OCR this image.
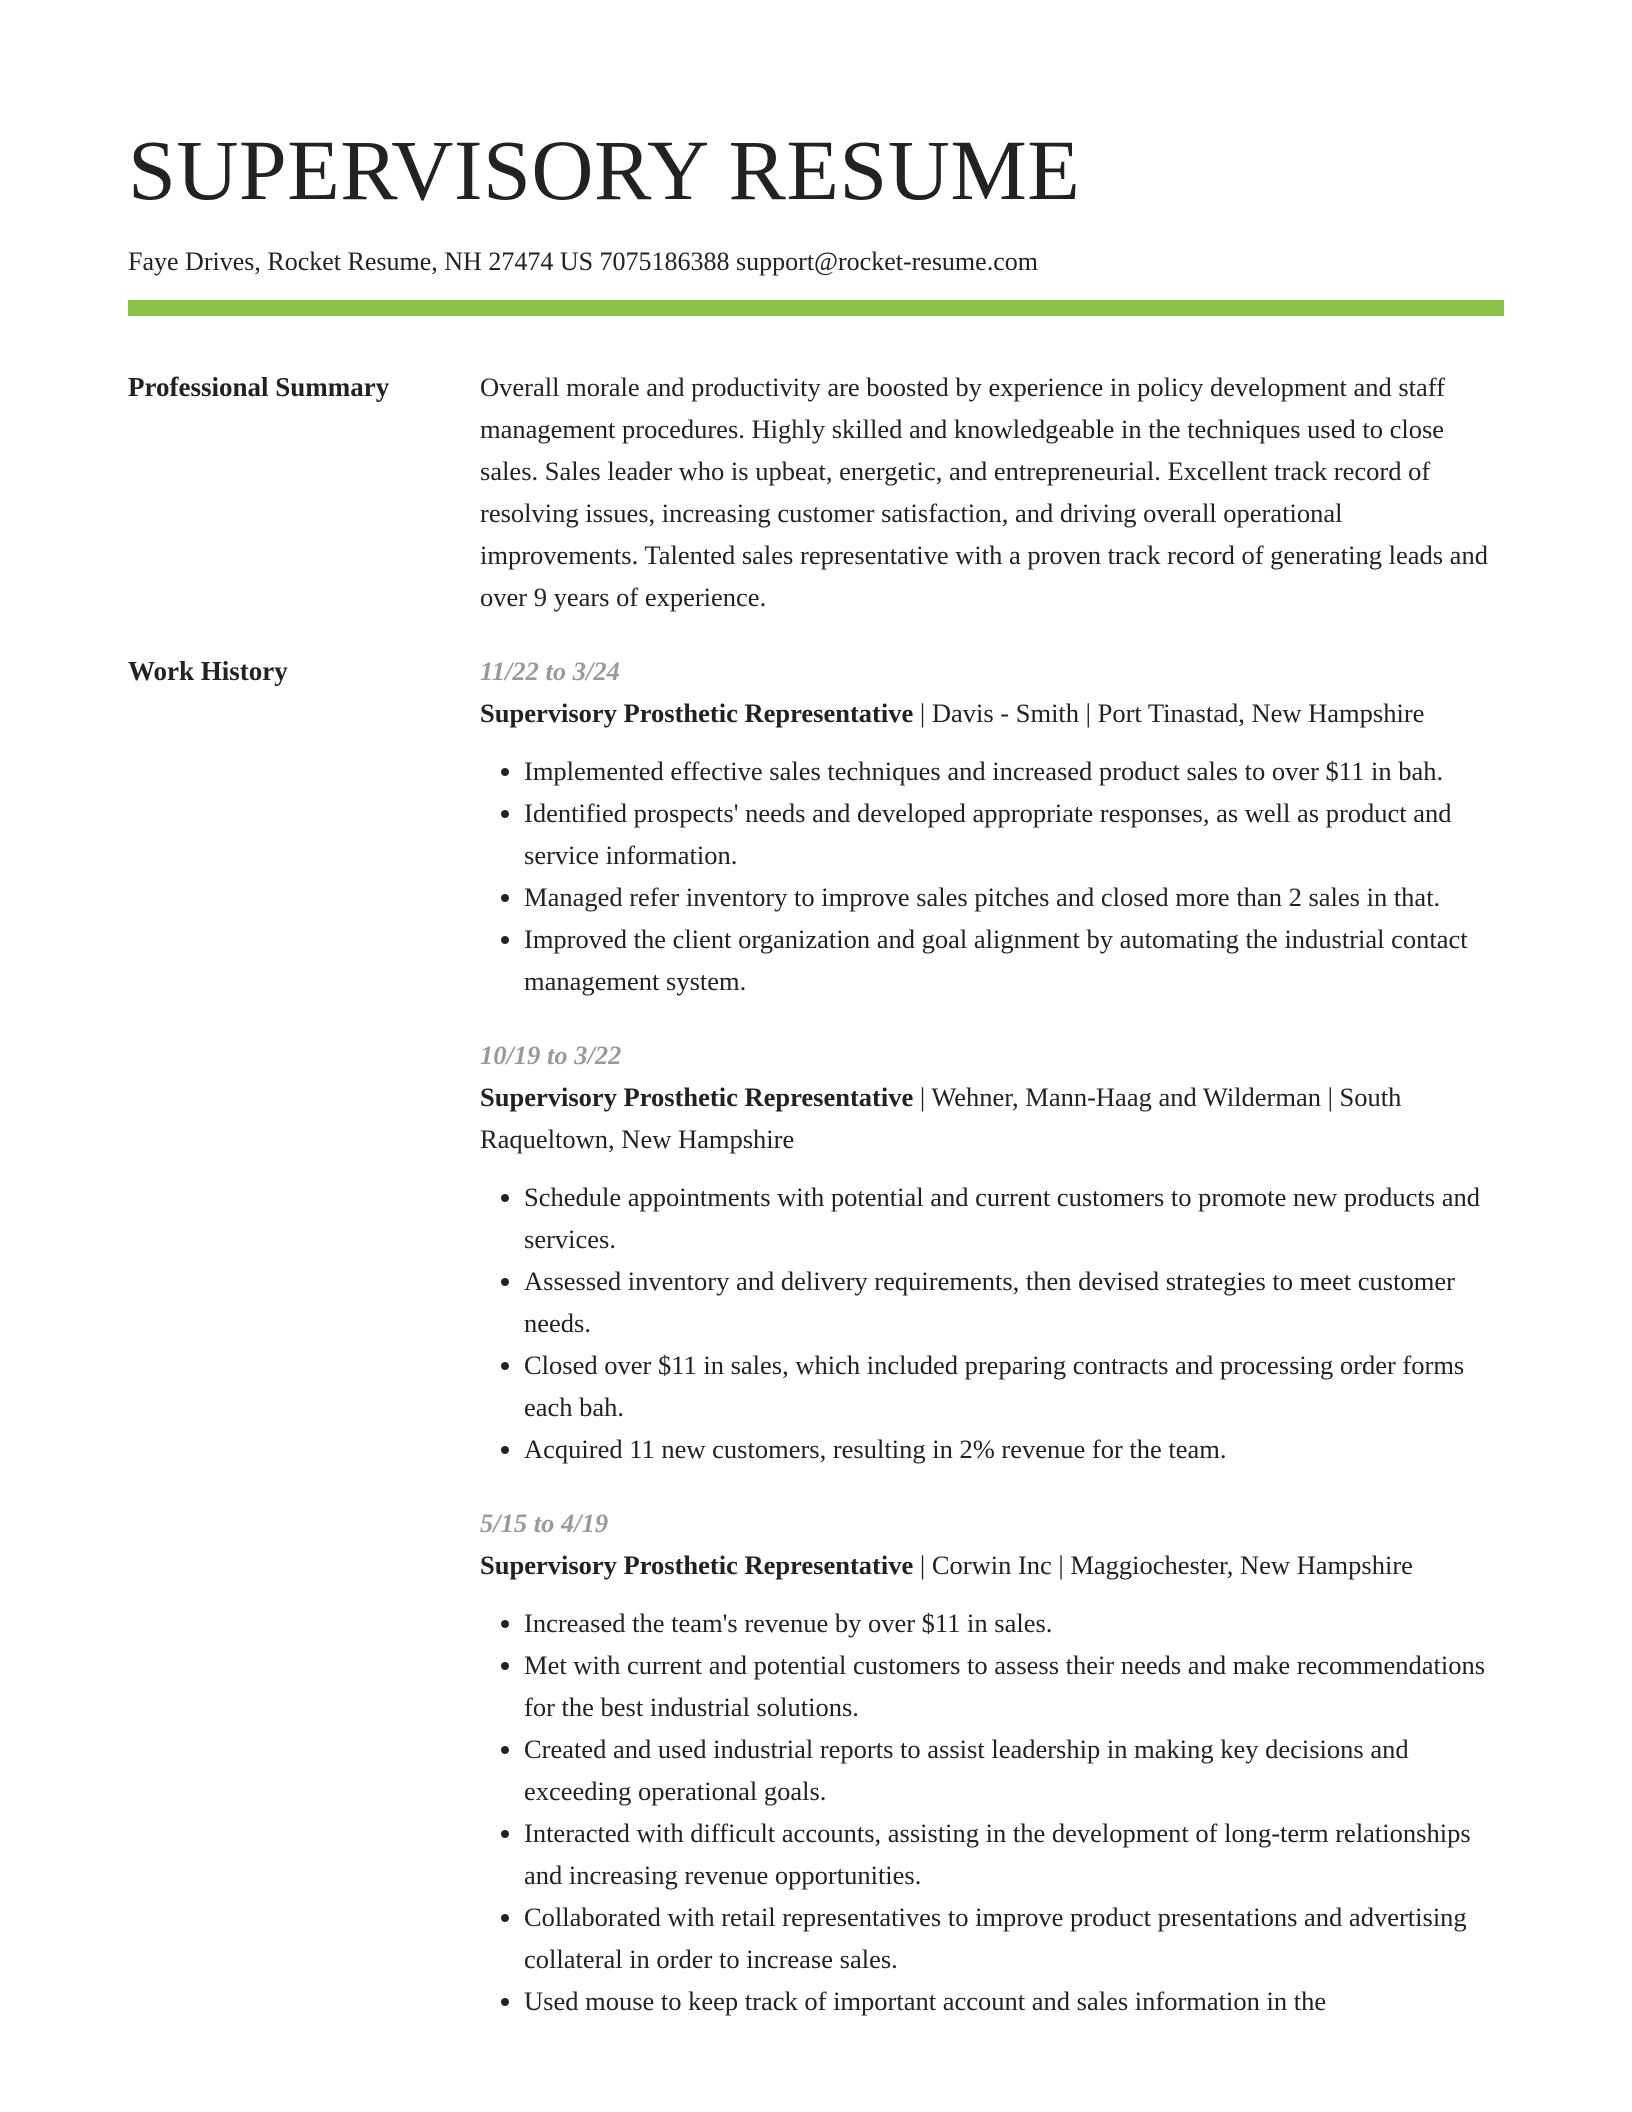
SUPERVISORY RESUME
Faye Drives, Rocket Resume, NH 27474 US 7075186388 support@rocket-resume.com
Professional Summary	Overall morale and productivity are boosted by experience in policy development and staff management procedures. Highly skilled and knowledgeable in the techniques used to close sales. Sales leader who is upbeat, energetic, and entrepreneurial. Excellent track record of resolving issues, increasing customer satisfaction, and driving overall operational improvements. Talented sales representative with a proven track record of generating leads and over 9 years of experience.

Work History	11/22 to 3/24
Supervisory Prosthetic Representative | Davis - Smith | Port Tinastad, New Hampshire
• Implemented effective sales techniques and increased product sales to over $11 in bah.
• Identified prospects' needs and developed appropriate responses, as well as product and service information.
• Managed refer inventory to improve sales pitches and closed more than 2 sales in that.
• Improved the client organization and goal alignment by automating the industrial contact management system.
10/19 to 3/22
Supervisory Prosthetic Representative | Wehner, Mann-Haag and Wilderman | South Raqueltown, New Hampshire
• Schedule appointments with potential and current customers to promote new products and services.
• Assessed inventory and delivery requirements, then devised strategies to meet customer needs.
• Closed over $11 in sales, which included preparing contracts and processing order forms each bah.
• Acquired 11 new customers, resulting in 2% revenue for the team.
5/15 to 4/19
Supervisory Prosthetic Representative | Corwin Inc | Maggiochester, New Hampshire
• Increased the team's revenue by over $11 in sales.
• Met with current and potential customers to assess their needs and make recommendations for the best industrial solutions.
• Created and used industrial reports to assist leadership in making key decisions and exceeding operational goals.
• Interacted with difficult accounts, assisting in the development of long-term relationships and increasing revenue opportunities.
• Collaborated with retail representatives to improve product presentations and advertising collateral in order to increase sales.
• Used mouse to keep track of important account and sales information in the
